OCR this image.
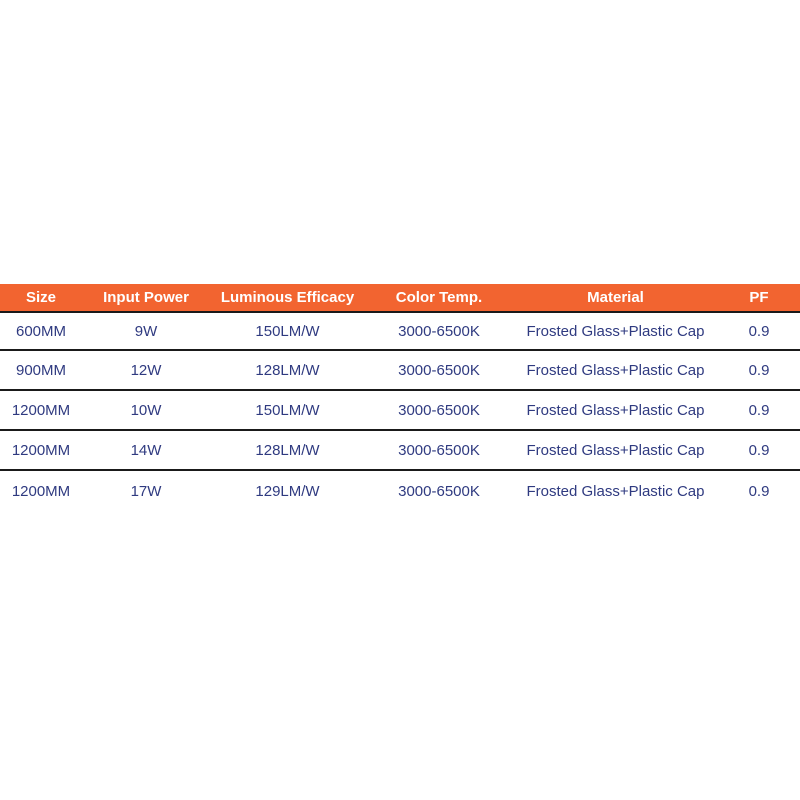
Size	Input Power	Luminous Efficacy	Color Temp.	Material	PF
600MM	9W	150LM/W	3000-6500K	Frosted Glass+Plastic Cap	0.9
900MM	12W	128LM/W	3000-6500K	Frosted Glass+Plastic Cap	0.9
1200MM	10W	150LM/W	3000-6500K	Frosted Glass+Plastic Cap	0.9
1200MM	14W	128LM/W	3000-6500K	Frosted Glass+Plastic Cap	0.9
1200MM	17W	129LM/W	3000-6500K	Frosted Glass+Plastic Cap	0.9
